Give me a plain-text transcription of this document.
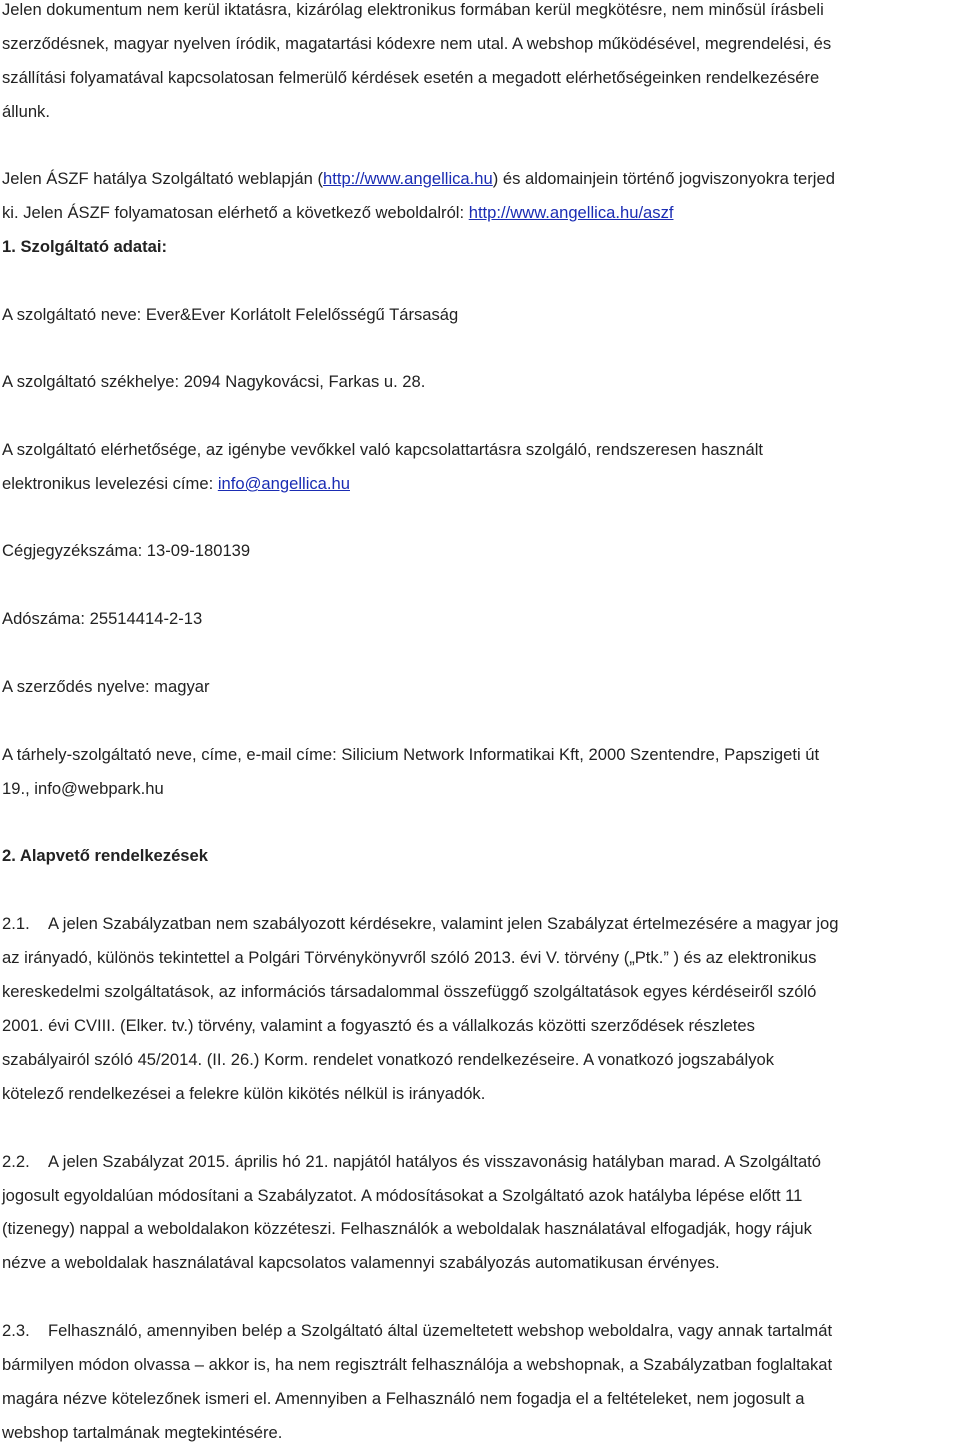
Jelen dokumentum nem kerül iktatásra, kizárólag elektronikus formában kerül megkötésre, nem minősül írásbeli
szerződésnek, magyar nyelven íródik, magatartási kódexre nem utal. A webshop működésével, megrendelési, és
szállítási folyamatával kapcsolatosan felmerülő kérdések esetén a megadott elérhetőségeinken rendelkezésére
állunk.
Jelen ÁSZF hatálya Szolgáltató weblapján (http://www.angellica.hu) és aldomainjein történő jogviszonyokra terjed
ki. Jelen ÁSZF folyamatosan elérhető a következő weboldalról: http://www.angellica.hu/aszf
1. Szolgáltató adatai:
A szolgáltató neve: Ever&Ever Korlátolt Felelősségű Társaság
A szolgáltató székhelye: 2094 Nagykovácsi, Farkas u. 28.
A szolgáltató elérhetősége, az igénybe vevőkkel való kapcsolattartásra szolgáló, rendszeresen használt
elektronikus levelezési címe: info@angellica.hu
Cégjegyzékszáma: 13-09-180139
Adószáma: 25514414-2-13
A szerződés nyelve: magyar
A tárhely-szolgáltató neve, címe, e-mail címe: Silicium Network Informatikai Kft, 2000 Szentendre, Papszigeti út
19., info@webpark.hu
2. Alapvető rendelkezések
2.1. A jelen Szabályzatban nem szabályozott kérdésekre, valamint jelen Szabályzat értelmezésére a magyar jog
az irányadó, különös tekintettel a Polgári Törvénykönyvről szóló 2013. évi V. törvény („Ptk.” ) és az elektronikus
kereskedelmi szolgáltatások, az információs társadalommal összefüggő szolgáltatások egyes kérdéseiről szóló
2001. évi CVIII. (Elker. tv.) törvény, valamint a fogyasztó és a vállalkozás közötti szerződések részletes
szabályairól szóló 45/2014. (II. 26.) Korm. rendelet vonatkozó rendelkezéseire. A vonatkozó jogszabályok
kötelező rendelkezései a felekre külön kikötés nélkül is irányadók.
2.2. A jelen Szabályzat 2015. április hó 21. napjától hatályos és visszavonásig hatályban marad. A Szolgáltató
jogosult egyoldalúan módosítani a Szabályzatot. A módosításokat a Szolgáltató azok hatályba lépése előtt 11
(tizenegy) nappal a weboldalakon közzéteszi. Felhasználók a weboldalak használatával elfogadják, hogy rájuk
nézve a weboldalak használatával kapcsolatos valamennyi szabályozás automatikusan érvényes.
2.3. Felhasználó, amennyiben belép a Szolgáltató által üzemeltetett webshop weboldalra, vagy annak tartalmát
bármilyen módon olvassa – akkor is, ha nem regisztrált felhasználója a webshopnak, a Szabályzatban foglaltakat
magára nézve kötelezőnek ismeri el. Amennyiben a Felhasználó nem fogadja el a feltételeket, nem jogosult a
webshop tartalmának megtekintésére.
